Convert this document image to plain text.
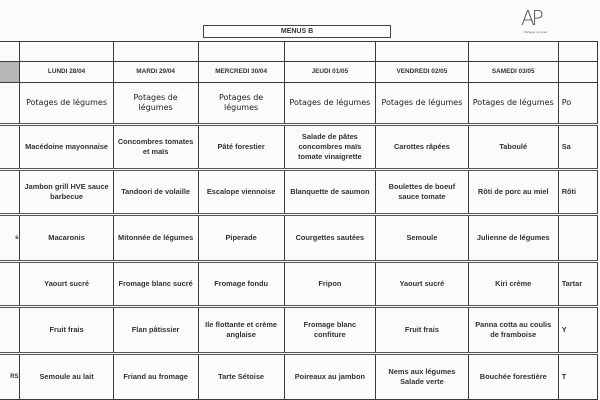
MENUS B
AP
Partager le repas

	LUNDI 28/04	MARDI 29/04	MERCREDI 30/04	JEUDI 01/05	VENDREDI 02/05	SAMEDI 03/05	
	Potages de légumes	Potages de légumes	Potages de légumes	Potages de légumes	Potages de légumes	Potages de légumes	Po
	Macédoine mayonnaise	Concombres tomates et maïs	Pâté forestier	Salade de pâtes concombres maïs tomate vinaigrette	Carottes râpées	Taboulé	Sa
	Jambon grill HVE sauce barbecue	Tandoori de volaille	Escalope viennoise	Blanquette de saumon	Boulettes de boeuf sauce tomate	Rôti de porc au miel	Rôti
s	Macaronis	Mitonnée de légumes	Piperade	Courgettes sautées	Semoule	Julienne de légumes	
	Yaourt sucré	Fromage blanc sucré	Fromage fondu	Fripon	Yaourt sucré	Kiri crème	Tartar
	Fruit frais	Flan pâtissier	Ile flottante et crème anglaise	Fromage blanc confiture	Fruit frais	Panna cotta au coulis de framboise	Y
RS	Semoule au lait	Friand au fromage	Tarte Sétoise	Poireaux au jambon	Nems aux légumes Salade verte	Bouchée forestière	T
